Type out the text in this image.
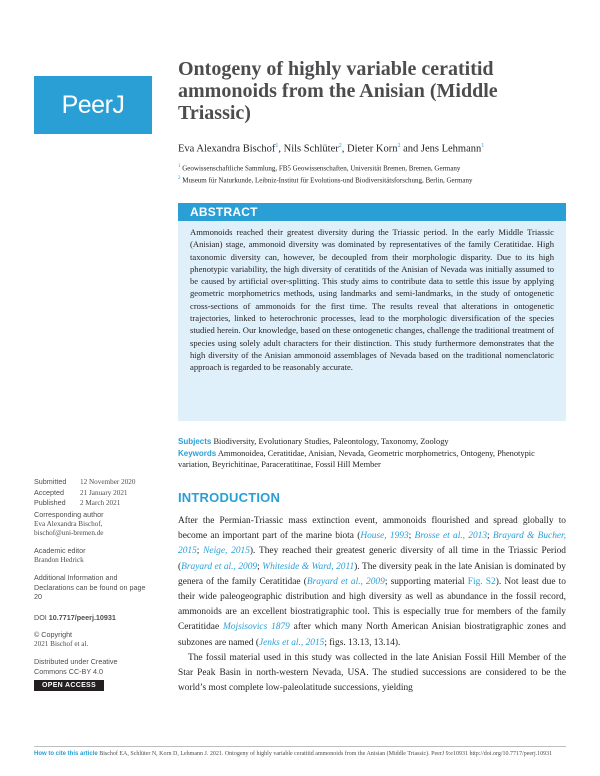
PeerJ
Ontogeny of highly variable ceratitid ammonoids from the Anisian (Middle Triassic)
Eva Alexandra Bischof$^1$, Nils Schlüter$^2$, Dieter Korn$^2$ and Jens Lehmann$^1$
$^1$ Geowissenschaftliche Sammlung, FB5 Geowissenschaften, Universität Bremen, Bremen, Germany
$^2$ Museum für Naturkunde, Leibniz-Institut für Evolutions-und Biodiversitätsforschung, Berlin, Germany
ABSTRACT

Ammonoids reached their greatest diversity during the Triassic period. In the early Middle Triassic (Anisian) stage, ammonoid diversity was dominated by representatives of the family Ceratitidae. High taxonomic diversity can, however, be decoupled from their morphologic disparity. Due to its high phenotypic variability, the high diversity of ceratitids of the Anisian of Nevada was initially assumed to be caused by artificial over-splitting. This study aims to contribute data to settle this issue by applying geometric morphometrics methods, using landmarks and semi-landmarks, in the study of ontogenetic cross-sections of ammonoids for the first time. The results reveal that alterations in ontogenetic trajectories, linked to heterochronic processes, lead to the morphologic diversification of the species studied herein. Our knowledge, based on these ontogenetic changes, challenge the traditional treatment of species using solely adult characters for their distinction. This study furthermore demonstrates that the high diversity of the Anisian ammonoid assemblages of Nevada based on the traditional nomenclatoric approach is regarded to be reasonably accurate.

Subjects Biodiversity, Evolutionary Studies, Paleontology, Taxonomy, Zoology
Keywords Ammonoidea, Ceratitidae, Anisian, Nevada, Geometric morphometrics, Ontogeny, Phenotypic variation, Beyrichitinae, Paraceratitinae, Fossil Hill Member
Submitted 12 November 2020
Accepted 21 January 2021
Published 2 March 2021
Corresponding author
Eva Alexandra Bischof,
bischof@uni-bremen.de
Academic editor
Brandon Hedrick
Additional Information and Declarations can be found on page 20
DOI 10.7717/peerj.10931
© Copyright
2021 Bischof et al.
Distributed under Creative Commons CC-BY 4.0
OPEN ACCESS
INTRODUCTION
After the Permian-Triassic mass extinction event, ammonoids flourished and spread globally to become an important part of the marine biota (House, 1993; Brosse et al., 2013; Brayard & Bucher, 2015; Neige, 2015). They reached their greatest generic diversity of all time in the Triassic Period (Brayard et al., 2009; Whiteside & Ward, 2011). The diversity peak in the late Anisian is dominated by genera of the family Ceratitidae (Brayard et al., 2009; supporting material Fig. S2). Not least due to their wide paleogeographic distribution and high diversity as well as abundance in the fossil record, ammonoids are an excellent biostratigraphic tool. This is especially true for members of the family Ceratitidae Mojsisovics 1879 after which many North American Anisian biostratigraphic zones and subzones are named (Jenks et al., 2015; figs. 13.13, 13.14).
The fossil material used in this study was collected in the late Anisian Fossil Hill Member of the Star Peak Basin in north-western Nevada, USA. The studied successions are considered to be the world’s most complete low-paleolatitude successions, yielding
How to cite this article Bischof EA, Schlüter N, Korn D, Lehmann J. 2021. Ontogeny of highly variable ceratitid ammonoids from the Anisian (Middle Triassic). PeerJ 9:e10931 http://doi.org/10.7717/peerj.10931
